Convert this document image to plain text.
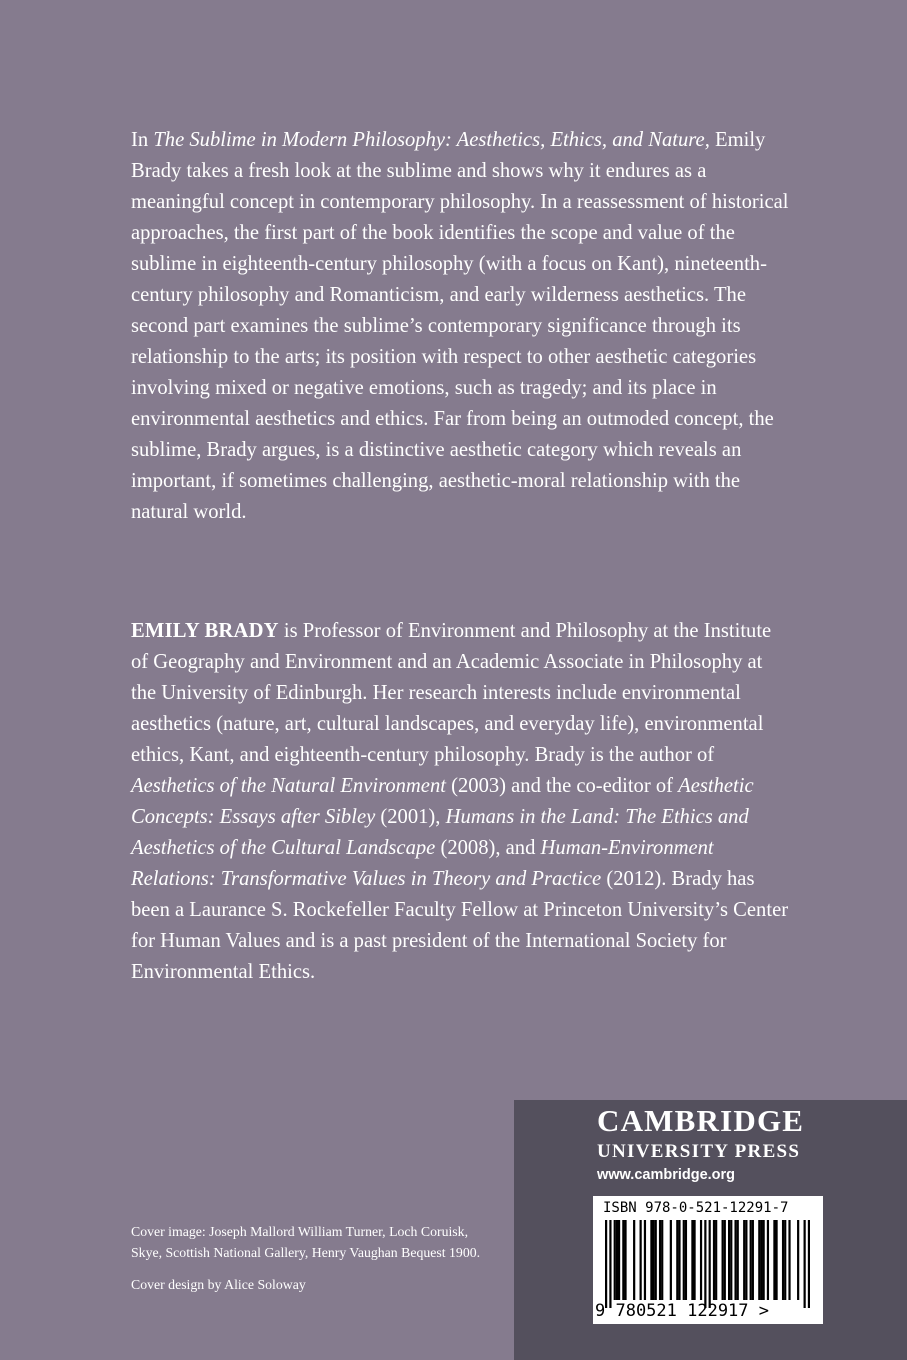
In The Sublime in Modern Philosophy: Aesthetics, Ethics, and Nature, Emily Brady takes a fresh look at the sublime and shows why it endures as a meaningful concept in contemporary philosophy. In a reassessment of historical approaches, the first part of the book identifies the scope and value of the sublime in eighteenth-century philosophy (with a focus on Kant), nineteenth-century philosophy and Romanticism, and early wilderness aesthetics. The second part examines the sublime’s contemporary significance through its relationship to the arts; its position with respect to other aesthetic categories involving mixed or negative emotions, such as tragedy; and its place in environmental aesthetics and ethics. Far from being an outmoded concept, the sublime, Brady argues, is a distinctive aesthetic category which reveals an important, if sometimes challenging, aesthetic-moral relationship with the natural world.

EMILY BRADY is Professor of Environment and Philosophy at the Institute of Geography and Environment and an Academic Associate in Philosophy at the University of Edinburgh. Her research interests include environmental aesthetics (nature, art, cultural landscapes, and everyday life), environmental ethics, Kant, and eighteenth-century philosophy. Brady is the author of Aesthetics of the Natural Environment (2003) and the co-editor of Aesthetic Concepts: Essays after Sibley (2001), Humans in the Land: The Ethics and Aesthetics of the Cultural Landscape (2008), and Human-Environment Relations: Transformative Values in Theory and Practice (2012). Brady has been a Laurance S. Rockefeller Faculty Fellow at Princeton University’s Center for Human Values and is a past president of the International Society for Environmental Ethics.

Cover image: Joseph Mallord William Turner, Loch Coruisk, Skye, Scottish National Gallery, Henry Vaughan Bequest 1900.

Cover design by Alice Soloway

CAMBRIDGE
UNIVERSITY PRESS
www.cambridge.org
ISBN 978-0-521-12291-7
9 780521 122917 >
